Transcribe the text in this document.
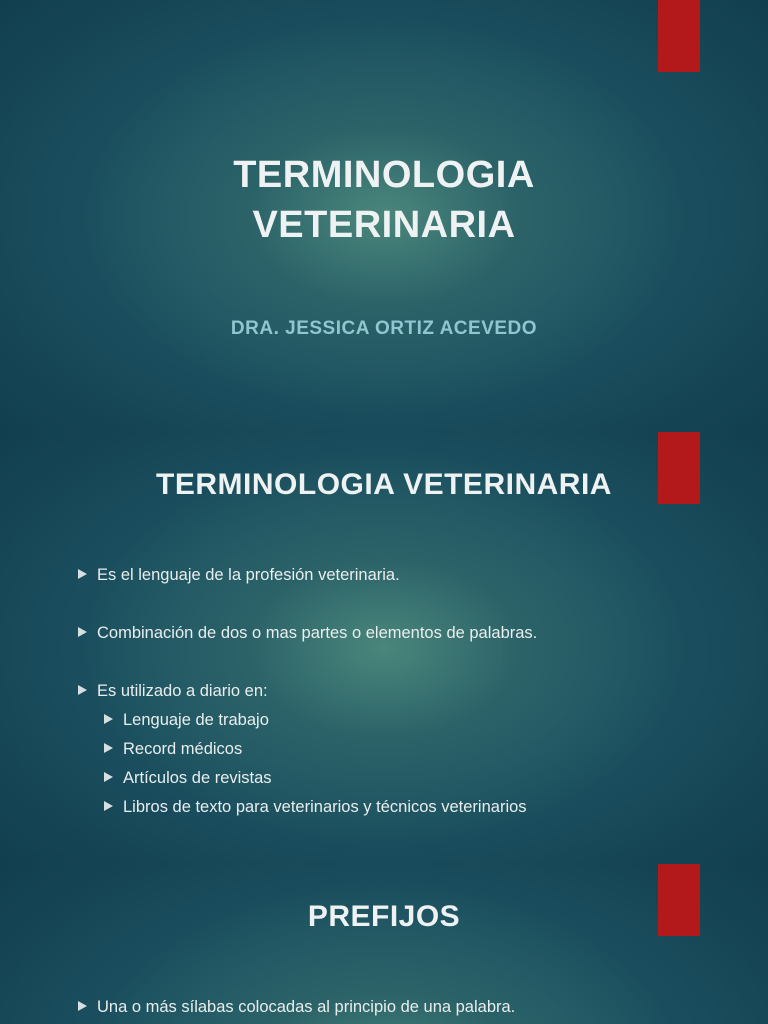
TERMINOLOGIA VETERINARIA
DRA. JESSICA ORTIZ ACEVEDO
TERMINOLOGIA VETERINARIA
Es el lenguaje de la profesión veterinaria.
Combinación de dos o mas partes o elementos de palabras.
Es utilizado a diario en:
Lenguaje de trabajo
Record médicos
Artículos de revistas
Libros de texto para veterinarios y técnicos veterinarios
PREFIJOS
Una o más sílabas colocadas al principio de una palabra.
